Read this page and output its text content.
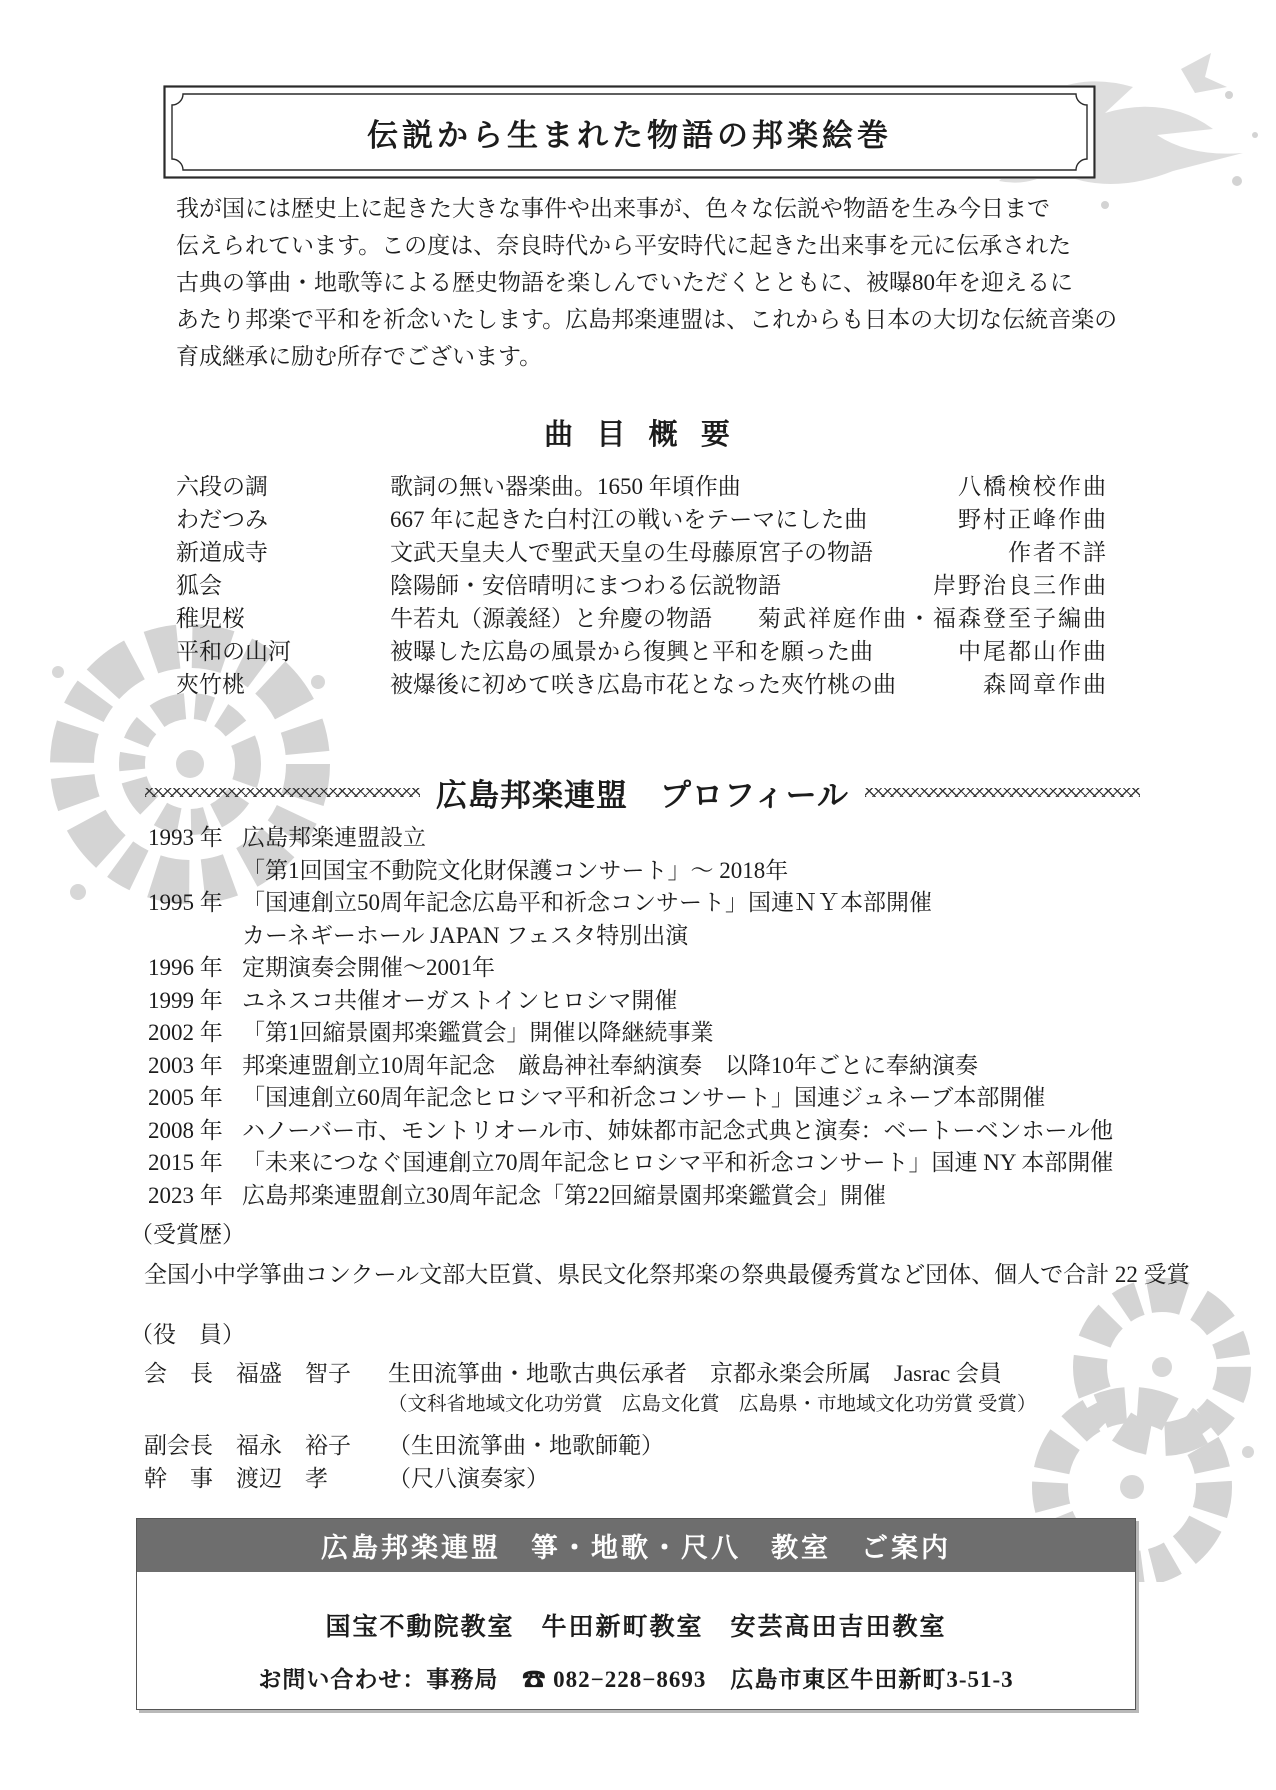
伝説から生まれた物語の邦楽絵巻
我が国には歴史上に起きた大きな事件や出来事が、色々な伝説や物語を生み今日まで
伝えられています。この度は、奈良時代から平安時代に起きた出来事を元に伝承された
古典の箏曲・地歌等による歴史物語を楽しんでいただくとともに、被曝80年を迎えるに
あたり邦楽で平和を祈念いたします。広島邦楽連盟は、これからも日本の大切な伝統音楽の
育成継承に励む所存でございます。
曲 目 概 要
六段の調	歌詞の無い器楽曲。1650 年頃作曲	八橋検校作曲
わだつみ	667 年に起きた白村江の戦いをテーマにした曲	野村正峰作曲
新道成寺	文武天皇夫人で聖武天皇の生母藤原宮子の物語	作者不詳
狐会	陰陽師・安倍晴明にまつわる伝説物語	岸野治良三作曲
稚児桜	牛若丸（源義経）と弁慶の物語	菊武祥庭作曲・福森登至子編曲
平和の山河	被曝した広島の風景から復興と平和を願った曲	中尾都山作曲
夾竹桃	被爆後に初めて咲き広島市花となった夾竹桃の曲	森岡章作曲
広島邦楽連盟　プロフィール
1993 年 広島邦楽連盟設立
「第1回国宝不動院文化財保護コンサート」〜 2018年
1995 年 「国連創立50周年記念広島平和祈念コンサート」国連ＮＹ本部開催
カーネギーホール JAPAN フェスタ特別出演
1996 年 定期演奏会開催〜2001年
1999 年 ユネスコ共催オーガストインヒロシマ開催
2002 年 「第1回縮景園邦楽鑑賞会」開催以降継続事業
2003 年 邦楽連盟創立10周年記念　厳島神社奉納演奏　以降10年ごとに奉納演奏
2005 年 「国連創立60周年記念ヒロシマ平和祈念コンサート」国連ジュネーブ本部開催
2008 年 ハノーバー市、モントリオール市、姉妹都市記念式典と演奏：ベートーベンホール他
2015 年 「未来につなぐ国連創立70周年記念ヒロシマ平和祈念コンサート」国連 NY 本部開催
2023 年 広島邦楽連盟創立30周年記念「第22回縮景園邦楽鑑賞会」開催
（受賞歴）
全国小中学箏曲コンクール文部大臣賞、県民文化祭邦楽の祭典最優秀賞など団体、個人で合計 22 受賞
（役　員）
会　長	福盛　智子	生田流箏曲・地歌古典伝承者　京都永楽会所属　Jasrac 会員
（文科省地域文化功労賞　広島文化賞　広島県・市地域文化功労賞 受賞）
副会長	福永　裕子	（生田流箏曲・地歌師範）
幹　事	渡辺　孝	（尺八演奏家）
広島邦楽連盟　箏・地歌・尺八　教室　ご案内
国宝不動院教室　牛田新町教室　安芸高田吉田教室
お問い合わせ：事務局　☎ 082−228−8693　広島市東区牛田新町3-51-3
